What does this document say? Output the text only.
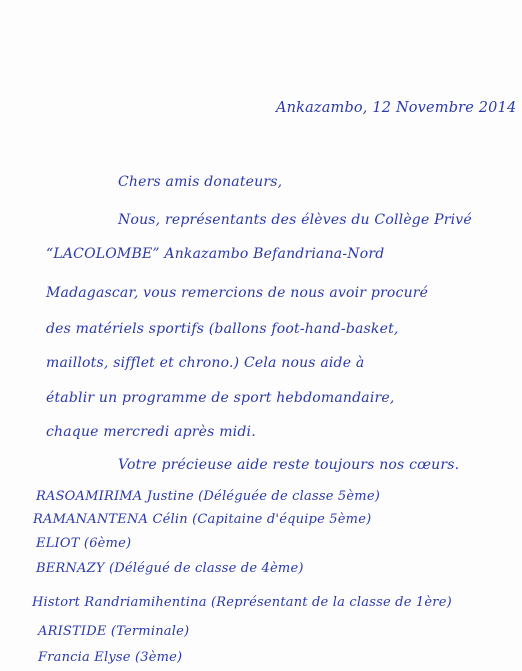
Ankazambo, 12 Novembre 2014
Chers amis donateurs,
Nous, représentants des élèves du Collège Privé
“LACOLOMBE” Ankazambo Befandriana-Nord
Madagascar, vous remercions de nous avoir procuré
des matériels sportifs (ballons foot-hand-basket,
maillots, sifflet et chrono.) Cela nous aide à
établir un programme de sport hebdomandaire,
chaque mercredi après midi.
Votre précieuse aide reste toujours nos cœurs.
RASOAMIRIMA Justine (Déléguée de classe 5ème)
RAMANANTENA Célin (Capitaine d'équipe 5ème)
ELIOT (6ème)
BERNAZY (Délégué de classe de 4ème)
Histort Randriamihentina (Représentant de la classe de 1ère)
ARISTIDE (Terminale)
Francia Elyse (3ème)
